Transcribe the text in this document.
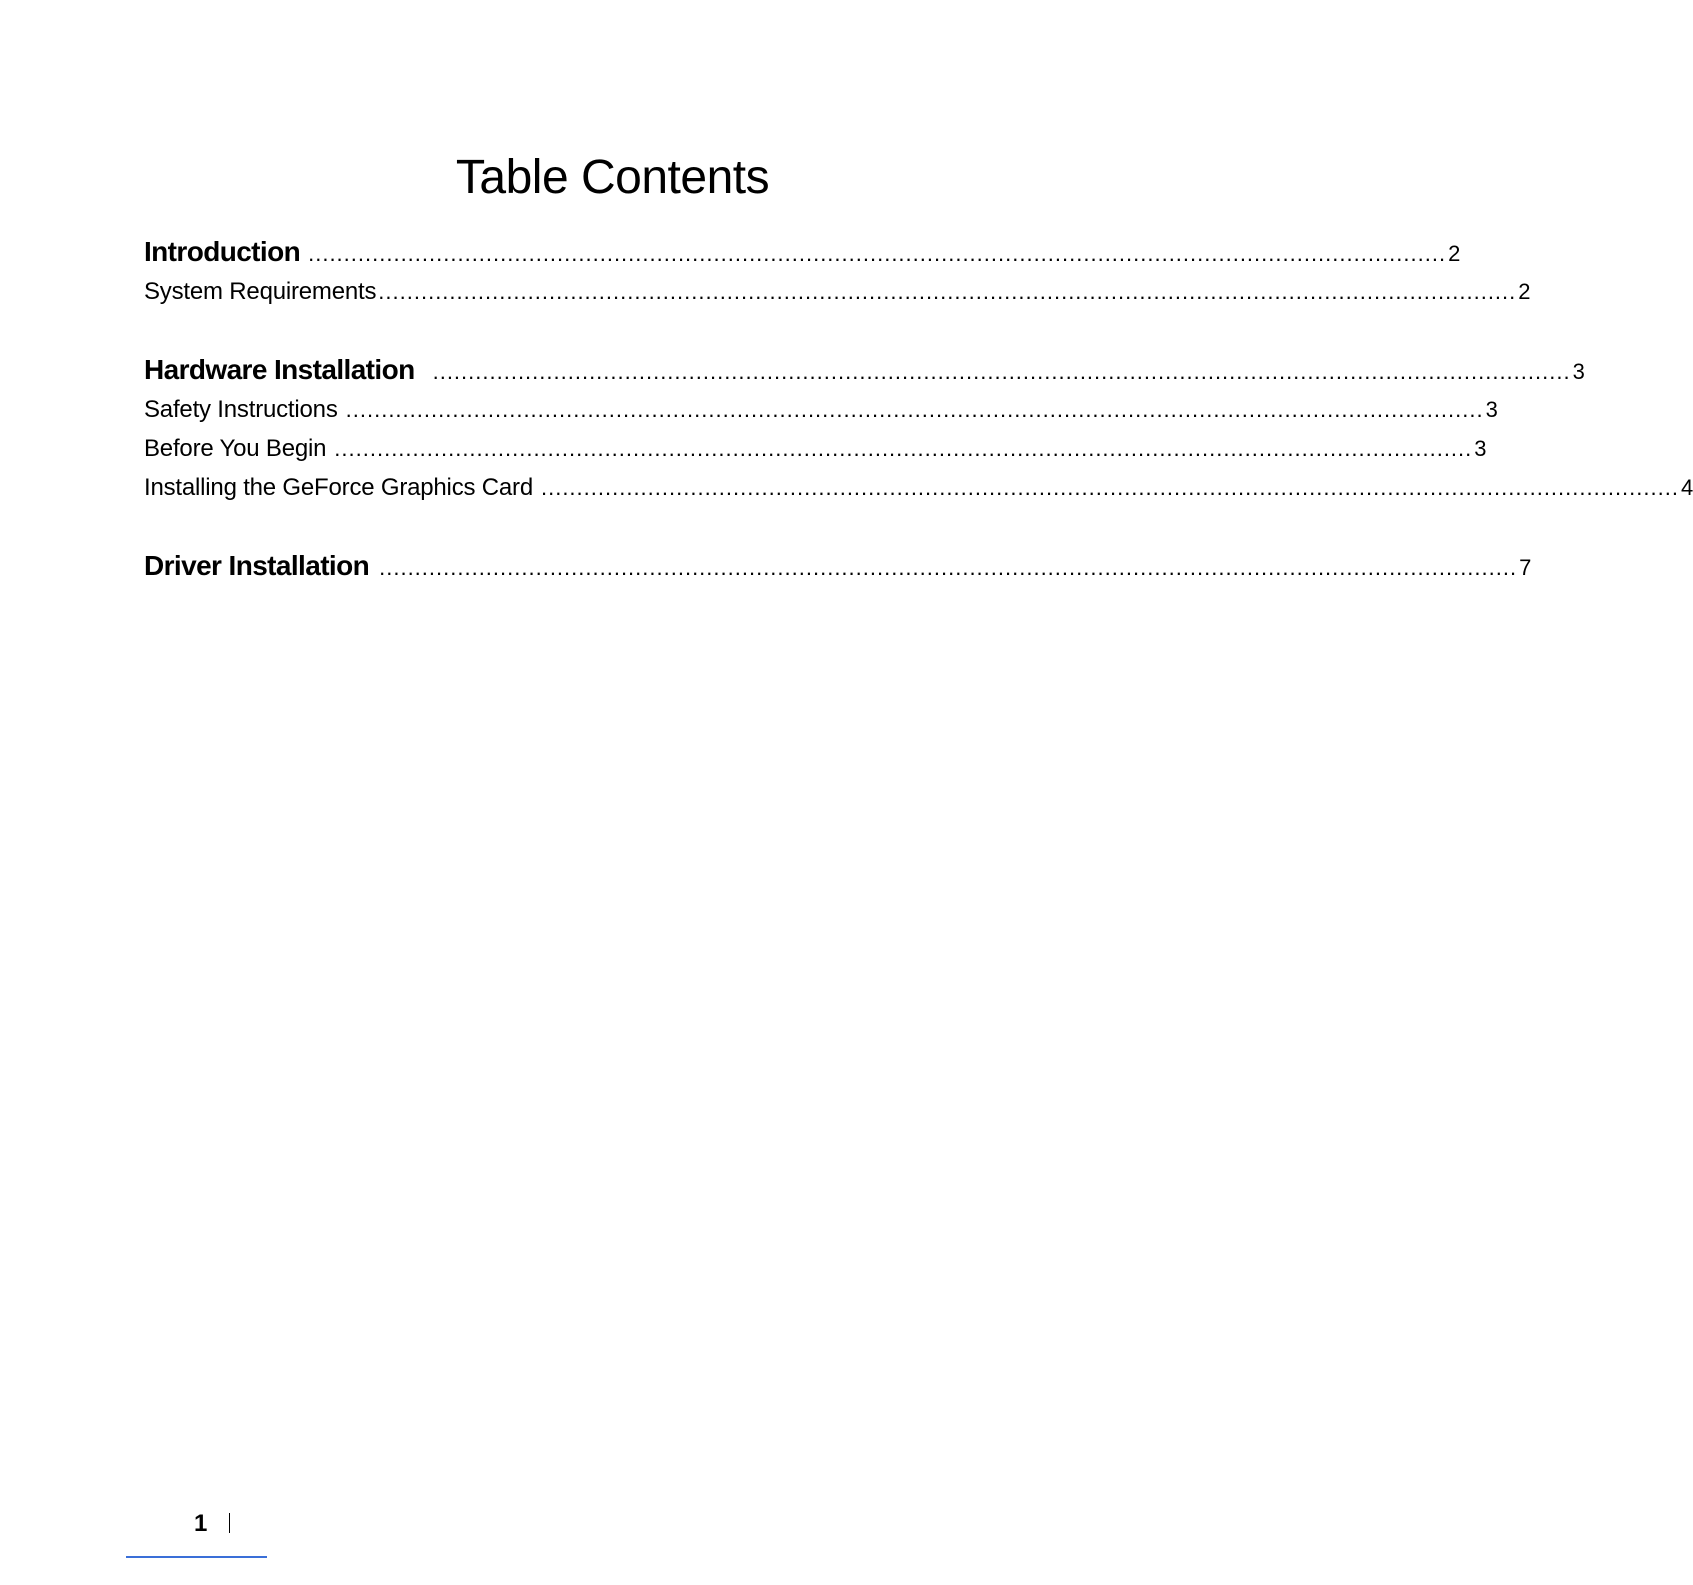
Table Contents
Introduction ................................................................................................................................................................ 2
System Requirements ................................................................................................................................................................ 2
Hardware Installation ................................................................................................................................................................ 3
Safety Instructions ................................................................................................................................................................ 3
Before You Begin ................................................................................................................................................................ 3
Installing the GeForce Graphics Card ................................................................................................................................................................ 4
Driver Installation ................................................................................................................................................................ 7
1
